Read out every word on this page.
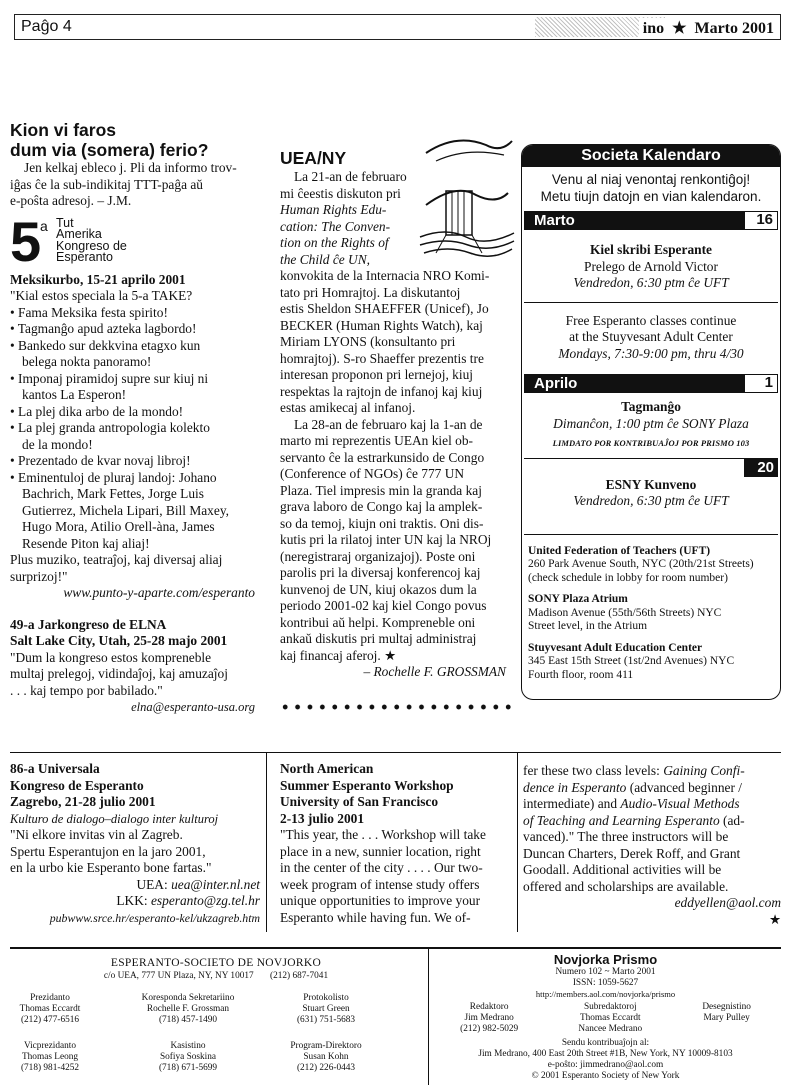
Paĝo 4	ino ★ Marto 2001
Kion vi faros
dum via (somera) ferio?

Jen kelkaj ebleco j. Pli da informo trov-

iĝas ĉe la sub-indikitaj TTT-paĝa aŭ

e-poŝta adresoj. – J.M.

5
a Tut
Amerika
Kongreso de
Esperanto

Meksikurbo, 15-21 aprilo 2001

"Kial estos speciala la 5-a TAKE?

• Fama Meksika festa spirito!

• Tagmanĝo apud azteka lagbordo!

• Bankedo sur dekkvina etagxo kun

belega nokta panoramo!

• Imponaj piramidoj supre sur kiuj ni

kantos La Esperon!

• La plej dika arbo de la mondo!

• La plej granda antropologia kolekto

de la mondo!

• Prezentado de kvar novaj libroj!

• Eminentuloj de pluraj landoj: Johano

Bachrich, Mark Fettes, Jorge Luis

Gutierrez, Michela Lipari, Bill Maxey,

Hugo Mora, Atilio Orell-àna, James

Resende Piton kaj aliaj!

Plus muziko, teatraĵoj, kaj diversaj aliaj

surprizoj!"

www.punto-y-aparte.com/esperanto

49-a Jarkongreso de ELNA

Salt Lake City, Utah, 25-28 majo 2001

"Dum la kongreso estos kompreneble

multaj prelegoj, vidindaĵoj, kaj amuzaĵoj

. . . kaj tempo por babilado."

elna@esperanto-usa.org

UEA/NY

La 21-an de februaro

mi ĉeestis diskuton pri

Human Rights Edu-

cation: The Conven-

tion on the Rights of

the Child ĉe UN,

konvokita de la Internacia NRO Komi-

tato pri Homrajtoj. La diskutantoj

estis Sheldon SHAEFFER (Unicef), Jo

BECKER (Human Rights Watch), kaj

Miriam LYONS (konsultanto pri

homrajtoj). S-ro Shaeffer prezentis tre

interesan proponon pri lernejoj, kiuj

respektas la rajtojn de infanoj kaj kiuj

estas amikecaj al infanoj.

La 28-an de februaro kaj la 1-an de

marto mi reprezentis UEAn kiel ob-

servanto ĉe la estrarkunsido de Congo

(Conference of NGOs) ĉe 777 UN

Plaza. Tiel impresis min la granda kaj

grava laboro de Congo kaj la amplek-

so da temoj, kiujn oni traktis. Oni dis-

kutis pri la rilatoj inter UN kaj la NROj

(neregistraraj organizajoj). Poste oni

parolis pri la diversaj konferencoj kaj

kunvenoj de UN, kiuj okazos dum la

periodo 2001-02 kaj kiel Congo povus

kontribui aŭ helpi. Kompreneble oni

ankaŭ diskutis pri multaj administraj

kaj financaj aferoj. ★

– Rochelle F. GROSSMAN

Societa Kalendaro
Venu al niaj venontaj renkontiĝoj!
Metu tiujn datojn en vian kalendaron.
Marto	16
Kiel skribi Esperante
Prelego de Arnold Victor
Vendredon, 6:30 ptm ĉe UFT
Free Esperanto classes continue
at the Stuyvesant Adult Center
Mondays, 7:30-9:00 pm, thru 4/30
Aprilo	1
Tagmanĝo
Dimanĉon, 1:00 ptm ĉe SONY Plaza
LIMDATO POR KONTRIBUAĴOJ POR PRISMO 103
20
ESNY Kunveno
Vendredon, 6:30 ptm ĉe UFT
United Federation of Teachers (UFT)
260 Park Avenue South, NYC (20th/21st Streets)
(check schedule in lobby for room number)
SONY Plaza Atrium
Madison Avenue (55th/56th Streets) NYC
Street level, in the Atrium
Stuyvesant Adult Education Center
345 East 15th Street (1st/2nd Avenues) NYC
Fourth floor, room 411

86-a Universala

Kongreso de Esperanto

Zagrebo, 21-28 julio 2001

Kulturo de dialogo–dialogo inter kulturoj

"Ni elkore invitas vin al Zagreb.

Spertu Esperantujon en la jaro 2001,

en la urbo kie Esperanto bone fartas."

UEA: uea@inter.nl.net

LKK: esperanto@zg.tel.hr

pubwww.srce.hr/esperanto-kel/ukzagreb.htm

North American

Summer Esperanto Workshop

University of San Francisco

2-13 julio 2001

"This year, the . . . Workshop will take

place in a new, sunnier location, right

in the center of the city . . . . Our two-

week program of intense study offers

unique opportunities to improve your

Esperanto while having fun. We of-

fer these two class levels: Gaining Confi-

dence in Esperanto (advanced beginner /

intermediate) and Audio-Visual Methods

of Teaching and Learning Esperanto (ad-

vanced)." The three instructors will be

Duncan Charters, Derek Roff, and Grant

Goodall. Additional activities will be

offered and scholarships are available.

eddyellen@aol.com

★

ESPERANTO-SOCIETO DE NOVJORKO
c/o UEA, 777 UN Plaza, NY, NY 10017 (212) 687-7041
Prezidanto
Thomas Eccardt
(212) 477-6516
Koresponda Sekretariino
Rochelle F. Grossman
(718) 457-1490
Protokolisto
Stuart Green
(631) 751-5683
Vicprezidanto
Thomas Leong
(718) 981-4252
Kasistino
Sofiya Soskina
(718) 671-5699
Program-Direktoro
Susan Kohn
(212) 226-0443
Novjorka Prismo
Numero 102 ~ Marto 2001
ISSN: 1059-5627
http://members.aol.com/novjorka/prismo
Redaktoro
Jim Medrano
(212) 982-5029
Subredaktoroj
Thomas Eccardt
Nancee Medrano
Desegnistino
Mary Pulley
Sendu kontribuaĵojn al:
Jim Medrano, 400 East 20th Street #1B, New York, NY 10009-8103
e-poŝto: jimmedrano@aol.com
© 2001 Esperanto Society of New York
